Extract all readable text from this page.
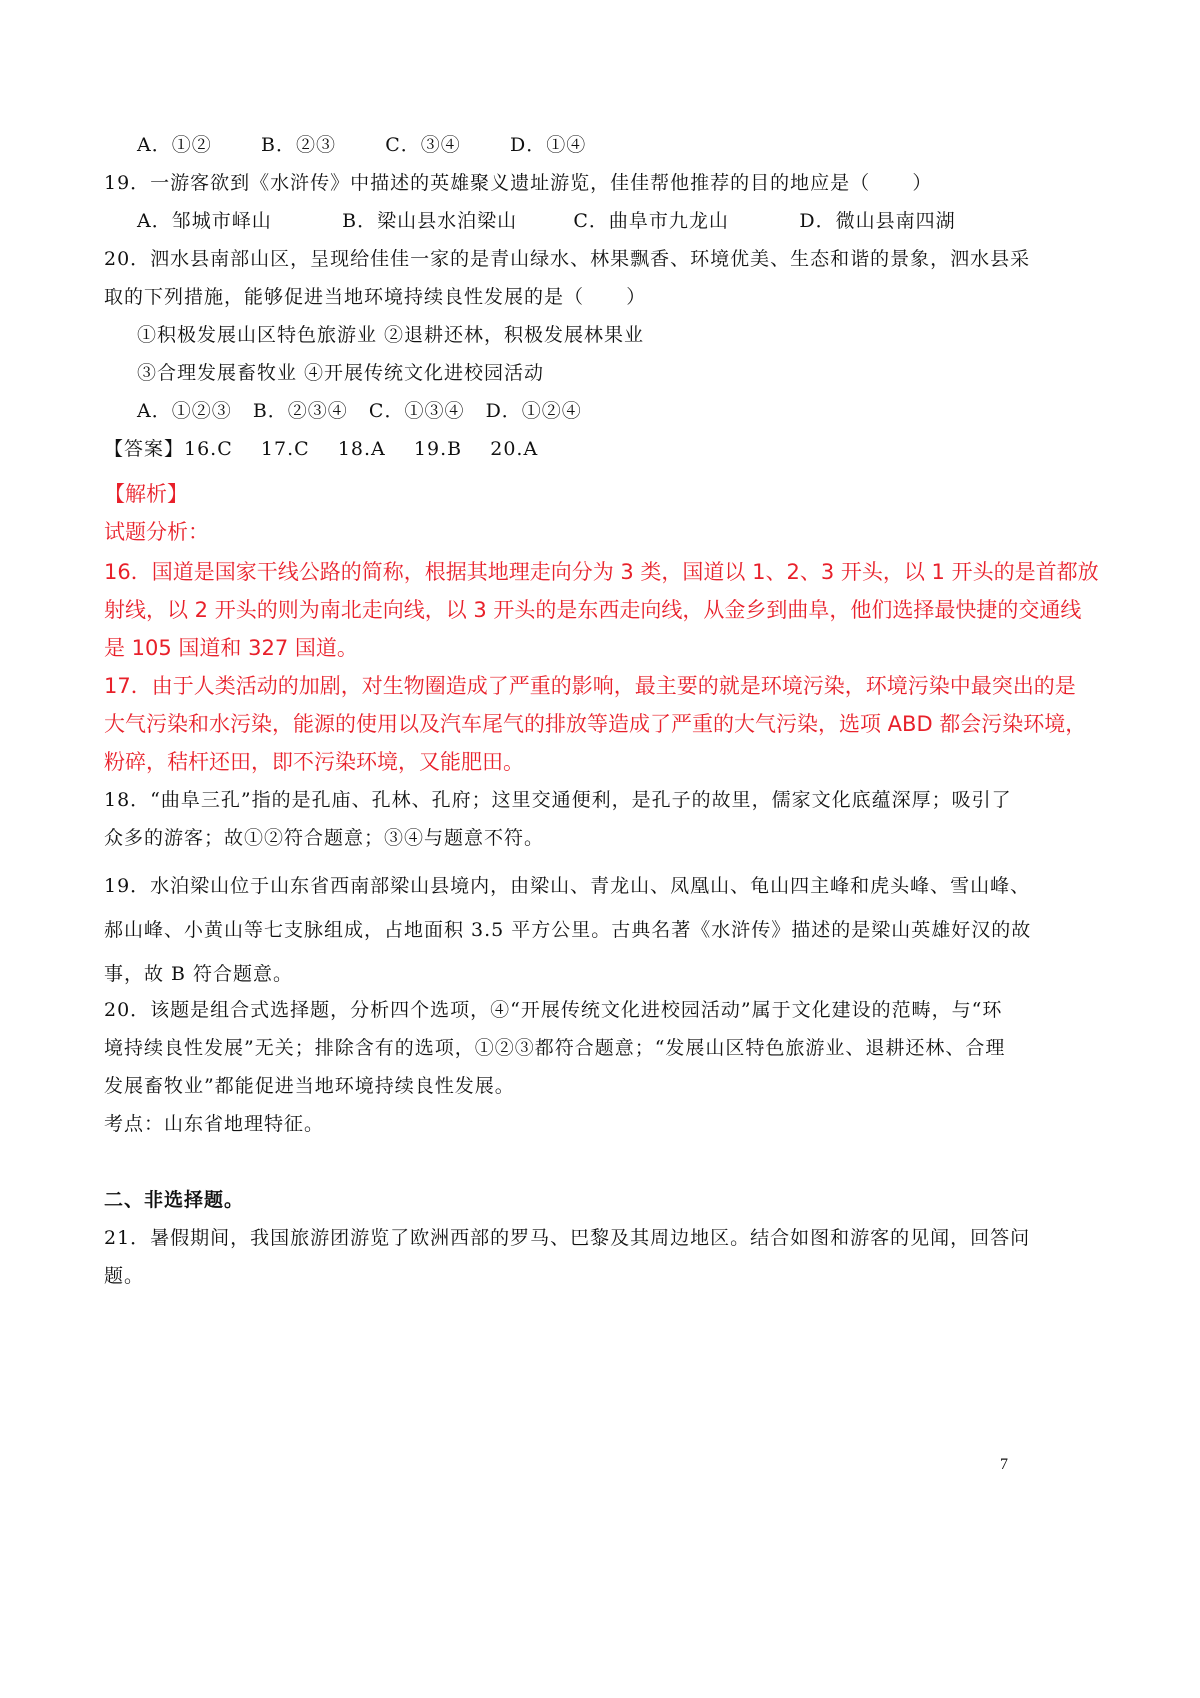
A．①②       B．②③       C．③④       D．①④
19．一游客欲到《水浒传》中描述的英雄聚义遗址游览，佳佳帮他推荐的目的地应是（      ）
A．邹城市峄山          B．梁山县水泊梁山        C．曲阜市九龙山          D．微山县南四湖
20．泗水县南部山区，呈现给佳佳一家的是青山绿水、林果飘香、环境优美、生态和谐的景象，泗水县采
取的下列措施，能够促进当地环境持续良性发展的是（      ）
①积极发展山区特色旅游业 ②退耕还林，积极发展林果业
③合理发展畜牧业 ④开展传统文化进校园活动
A．①②③   B．②③④   C．①③④   D．①②④
【答案】16.C    17.C    18.A    19.B    20.A
【解析】
试题分析：
16．国道是国家干线公路的简称，根据其地理走向分为 3 类，国道以 1、2、3 开头，以 1 开头的是首都放
射线，以 2 开头的则为南北走向线，以 3 开头的是东西走向线，从金乡到曲阜，他们选择最快捷的交通线
是 105 国道和 327 国道。
17．由于人类活动的加剧，对生物圈造成了严重的影响，最主要的就是环境污染，环境污染中最突出的是
大气污染和水污染，能源的使用以及汽车尾气的排放等造成了严重的大气污染，选项 ABD 都会污染环境，
粉碎，秸杆还田，即不污染环境，又能肥田。
18．“曲阜三孔”指的是孔庙、孔林、孔府；这里交通便利，是孔子的故里，儒家文化底蕴深厚；吸引了
众多的游客；故①②符合题意；③④与题意不符。
19．水泊梁山位于山东省西南部梁山县境内，由梁山、青龙山、凤凰山、龟山四主峰和虎头峰、雪山峰、
郝山峰、小黄山等七支脉组成，占地面积 3.5 平方公里。古典名著《水浒传》描述的是梁山英雄好汉的故
事，故 B 符合题意。
20．该题是组合式选择题，分析四个选项，④“开展传统文化进校园活动”属于文化建设的范畴，与“环
境持续良性发展”无关；排除含有的选项，①②③都符合题意；“发展山区特色旅游业、退耕还林、合理
发展畜牧业”都能促进当地环境持续良性发展。
考点：山东省地理特征。
二、非选择题。
21．暑假期间，我国旅游团游览了欧洲西部的罗马、巴黎及其周边地区。结合如图和游客的见闻，回答问
题。
7
